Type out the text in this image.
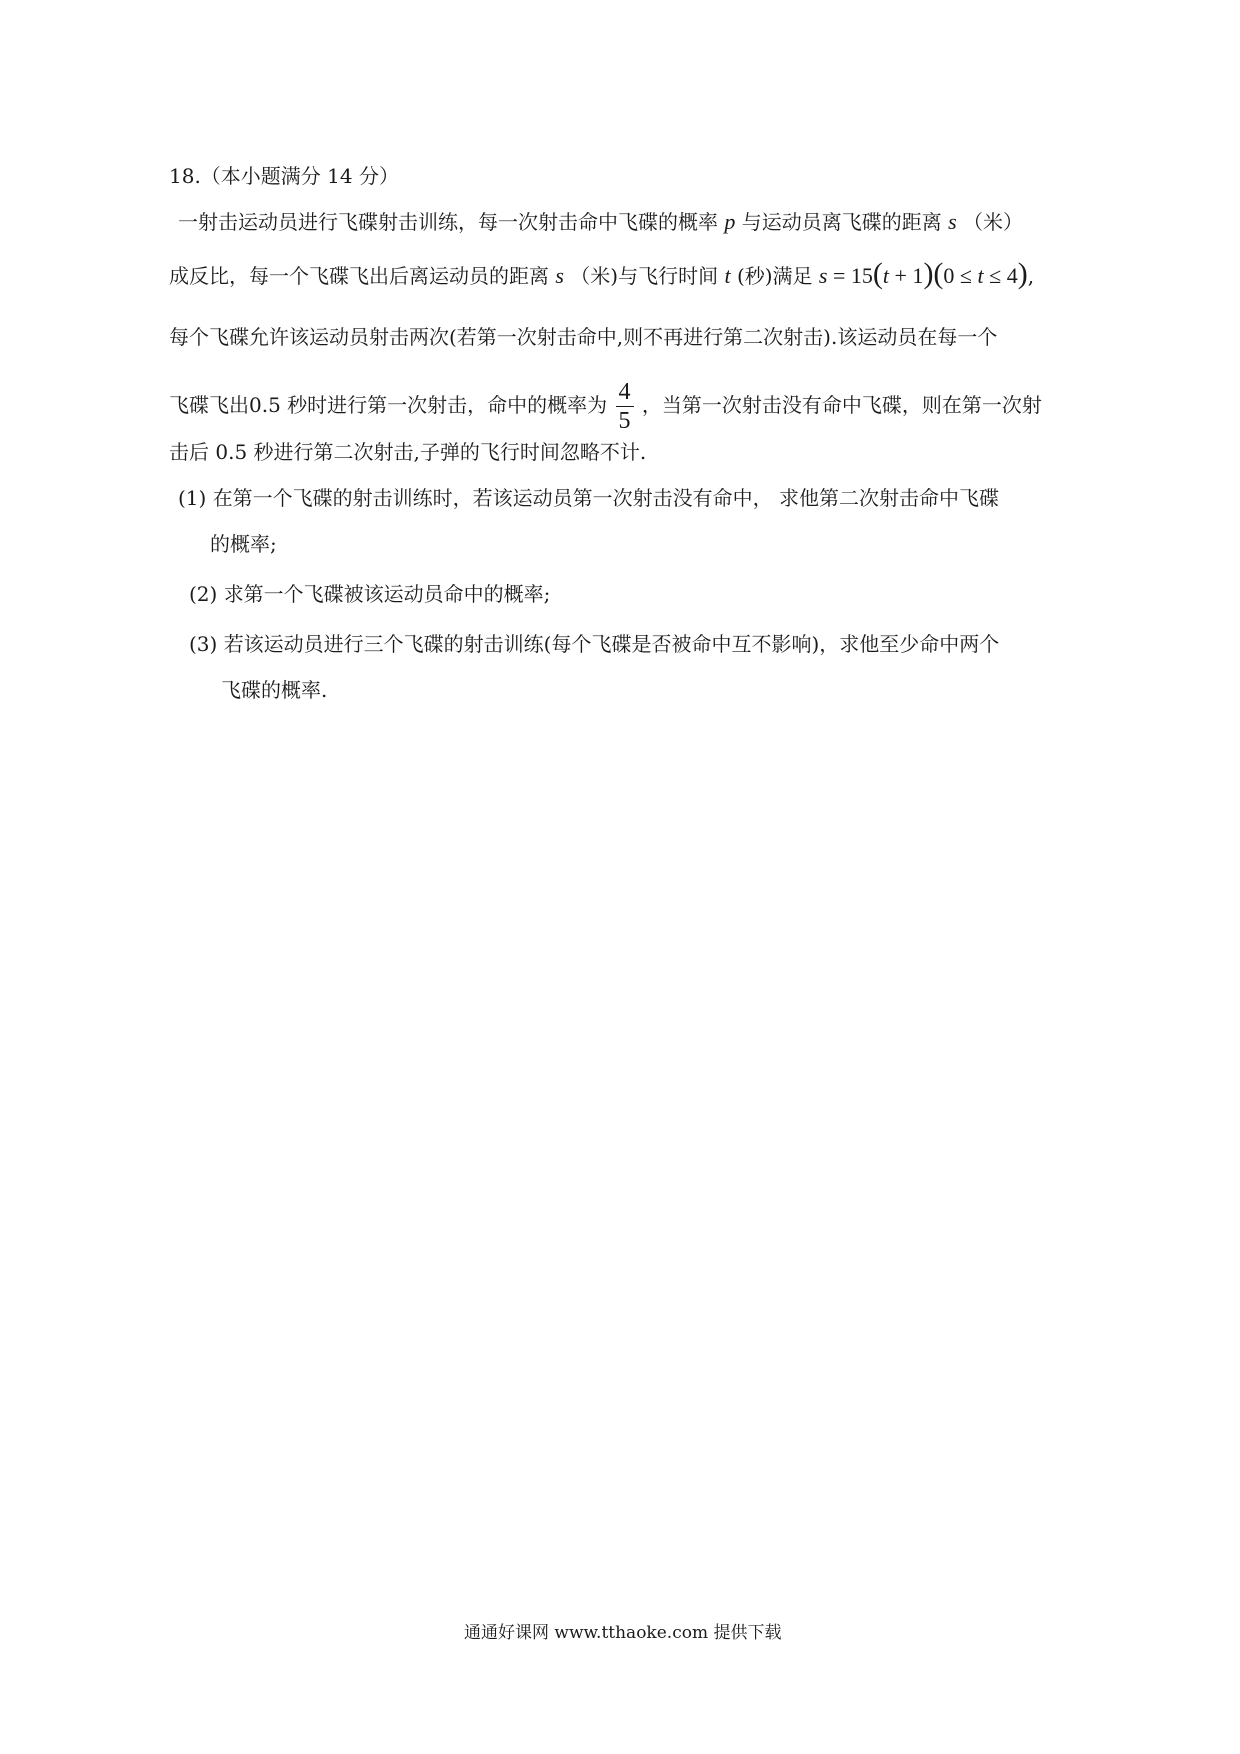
18.（本小题满分 14 分）
一射击运动员进行飞碟射击训练，每一次射击命中飞碟的概率 p 与运动员离飞碟的距离 s （米）
成反比，每一个飞碟飞出后离运动员的距离 s （米)与飞行时间 t (秒)满足 s = 15(t + 1)(0 ≤ t ≤ 4),
每个飞碟允许该运动员射击两次(若第一次射击命中,则不再进行第二次射击).该运动员在每一个
飞碟飞出0.5 秒时进行第一次射击，命中的概率为 $\frac{4}{5}$ ，当第一次射击没有命中飞碟，则在第一次射
击后 0.5 秒进行第二次射击,子弹的飞行时间忽略不计.
(1) 在第一个飞碟的射击训练时，若该运动员第一次射击没有命中， 求他第二次射击命中飞碟
的概率;
(2) 求第一个飞碟被该运动员命中的概率;
(3) 若该运动员进行三个飞碟的射击训练(每个飞碟是否被命中互不影响)，求他至少命中两个
飞碟的概率.
通通好课网 www.tthaoke.com 提供下载
